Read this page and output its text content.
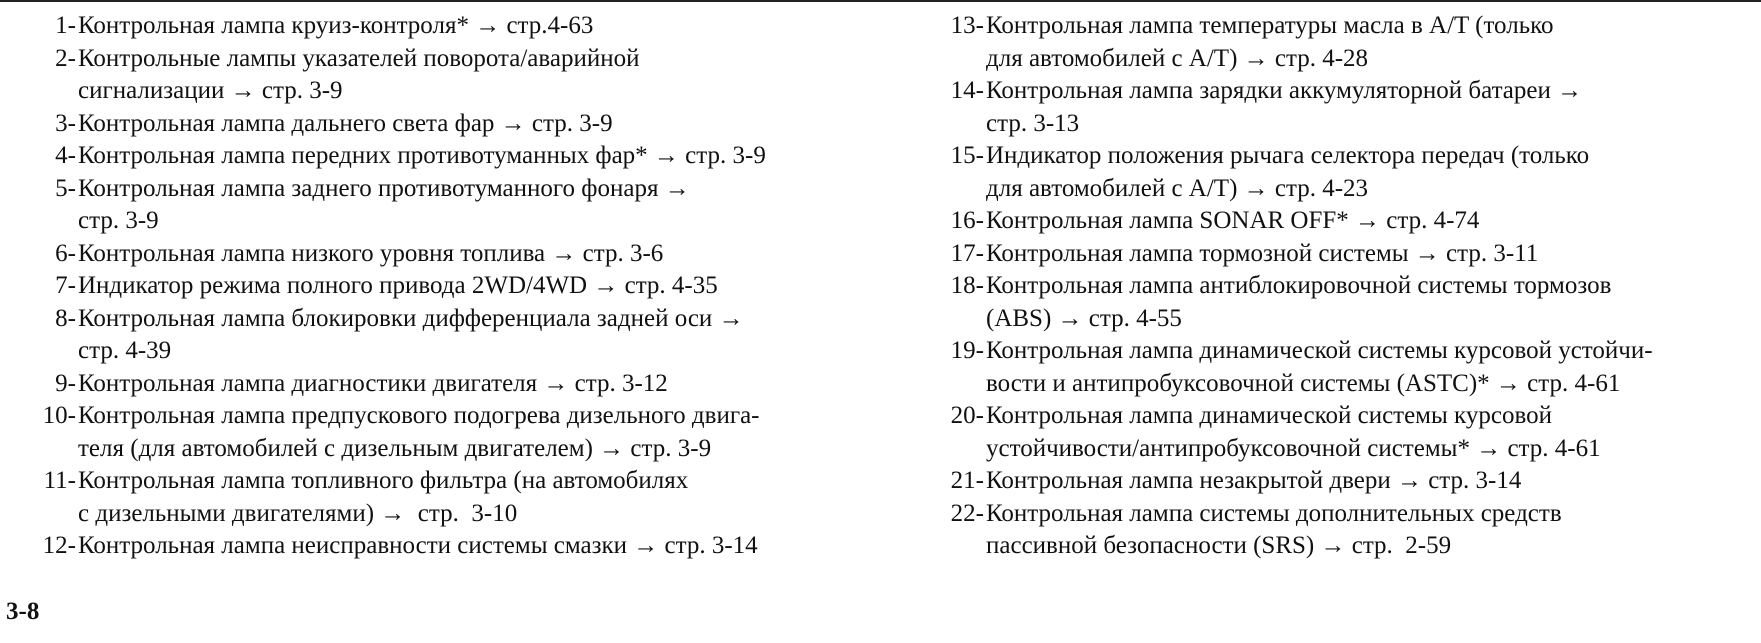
1- Контрольная лампа круиз-контроля* → стр.4-63
2- Контрольные лампы указателей поворота/аварийной
сигнализации → стр. 3-9
3- Контрольная лампа дальнего света фар → стр. 3-9
4- Контрольная лампа передних противотуманных фар* → стр. 3-9
5- Контрольная лампа заднего противотуманного фонаря →
стр. 3-9
6- Контрольная лампа низкого уровня топлива → стр. 3-6
7- Индикатор режима полного привода 2WD/4WD → стр. 4-35
8- Контрольная лампа блокировки дифференциала задней оси →
стр. 4-39
9- Контрольная лампа диагностики двигателя → стр. 3-12
10- Контрольная лампа предпускового подогрева дизельного двига-
теля (для автомобилей с дизельным двигателем) → стр. 3-9
11- Контрольная лампа топливного фильтра (на автомобилях
с дизельными двигателями) →  стр.  3-10
12- Контрольная лампа неисправности системы смазки → стр. 3-14
13- Контрольная лампа температуры масла в A/T (только
для автомобилей с A/T) → стр. 4-28
14- Контрольная лампа зарядки аккумуляторной батареи →
стр. 3-13
15- Индикатор положения рычага селектора передач (только
для автомобилей с A/T) → стр. 4-23
16- Контрольная лампа SONAR OFF* → стр. 4-74
17- Контрольная лампа тормозной системы → стр. 3-11
18- Контрольная лампа антиблокировочной системы тормозов
(ABS) → стр. 4-55
19- Контрольная лампа динамической системы курсовой устойчи-
вости и антипробуксовочной системы (ASTC)* → стр. 4-61
20- Контрольная лампа динамической системы курсовой
устойчивости/антипробуксовочной системы* → стр. 4-61
21- Контрольная лампа незакрытой двери → стр. 3-14
22- Контрольная лампа системы дополнительных средств
пассивной безопасности (SRS) → стр.  2-59
3-8
